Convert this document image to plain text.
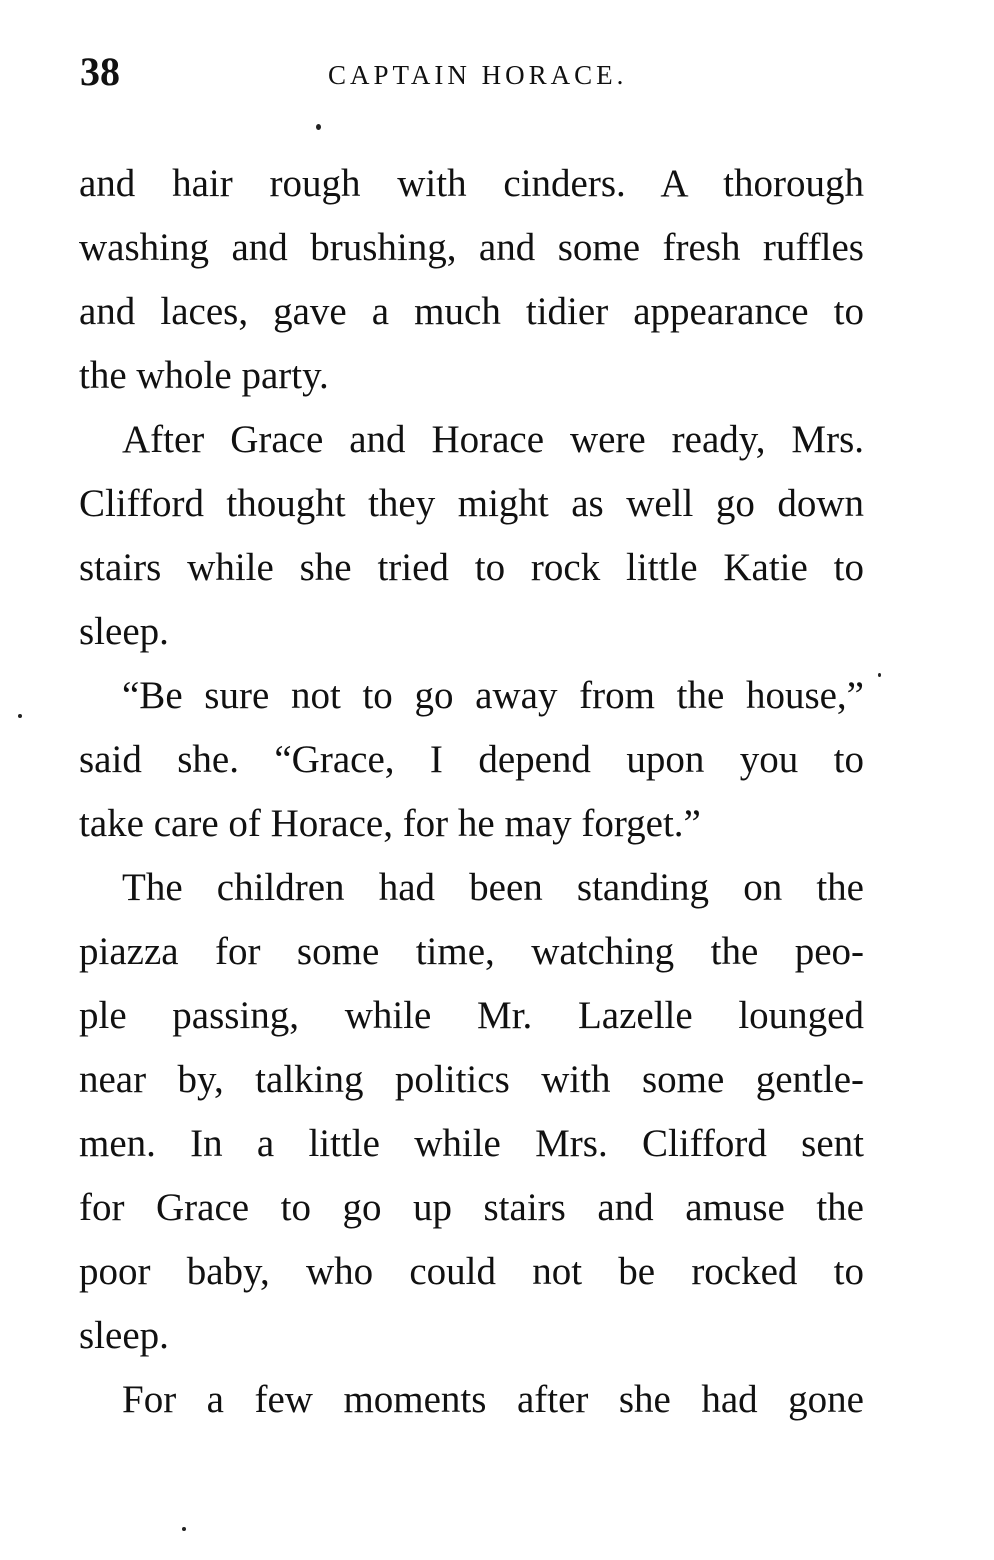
38	CAPTAIN HORACE.
and hair rough with cinders. A thorough
washing and brushing, and some fresh ruffles
and laces, gave a much tidier appearance to
the whole party.
After Grace and Horace were ready, Mrs.
Clifford thought they might as well go down
stairs while she tried to rock little Katie to
sleep.
“Be sure not to go away from the house,”
said she. “Grace, I depend upon you to
take care of Horace, for he may forget.”
The children had been standing on the
piazza for some time, watching the peo-
ple passing, while Mr. Lazelle lounged
near by, talking politics with some gentle-
men. In a little while Mrs. Clifford sent
for Grace to go up stairs and amuse the
poor baby, who could not be rocked to
sleep.
For a few moments after she had gone
